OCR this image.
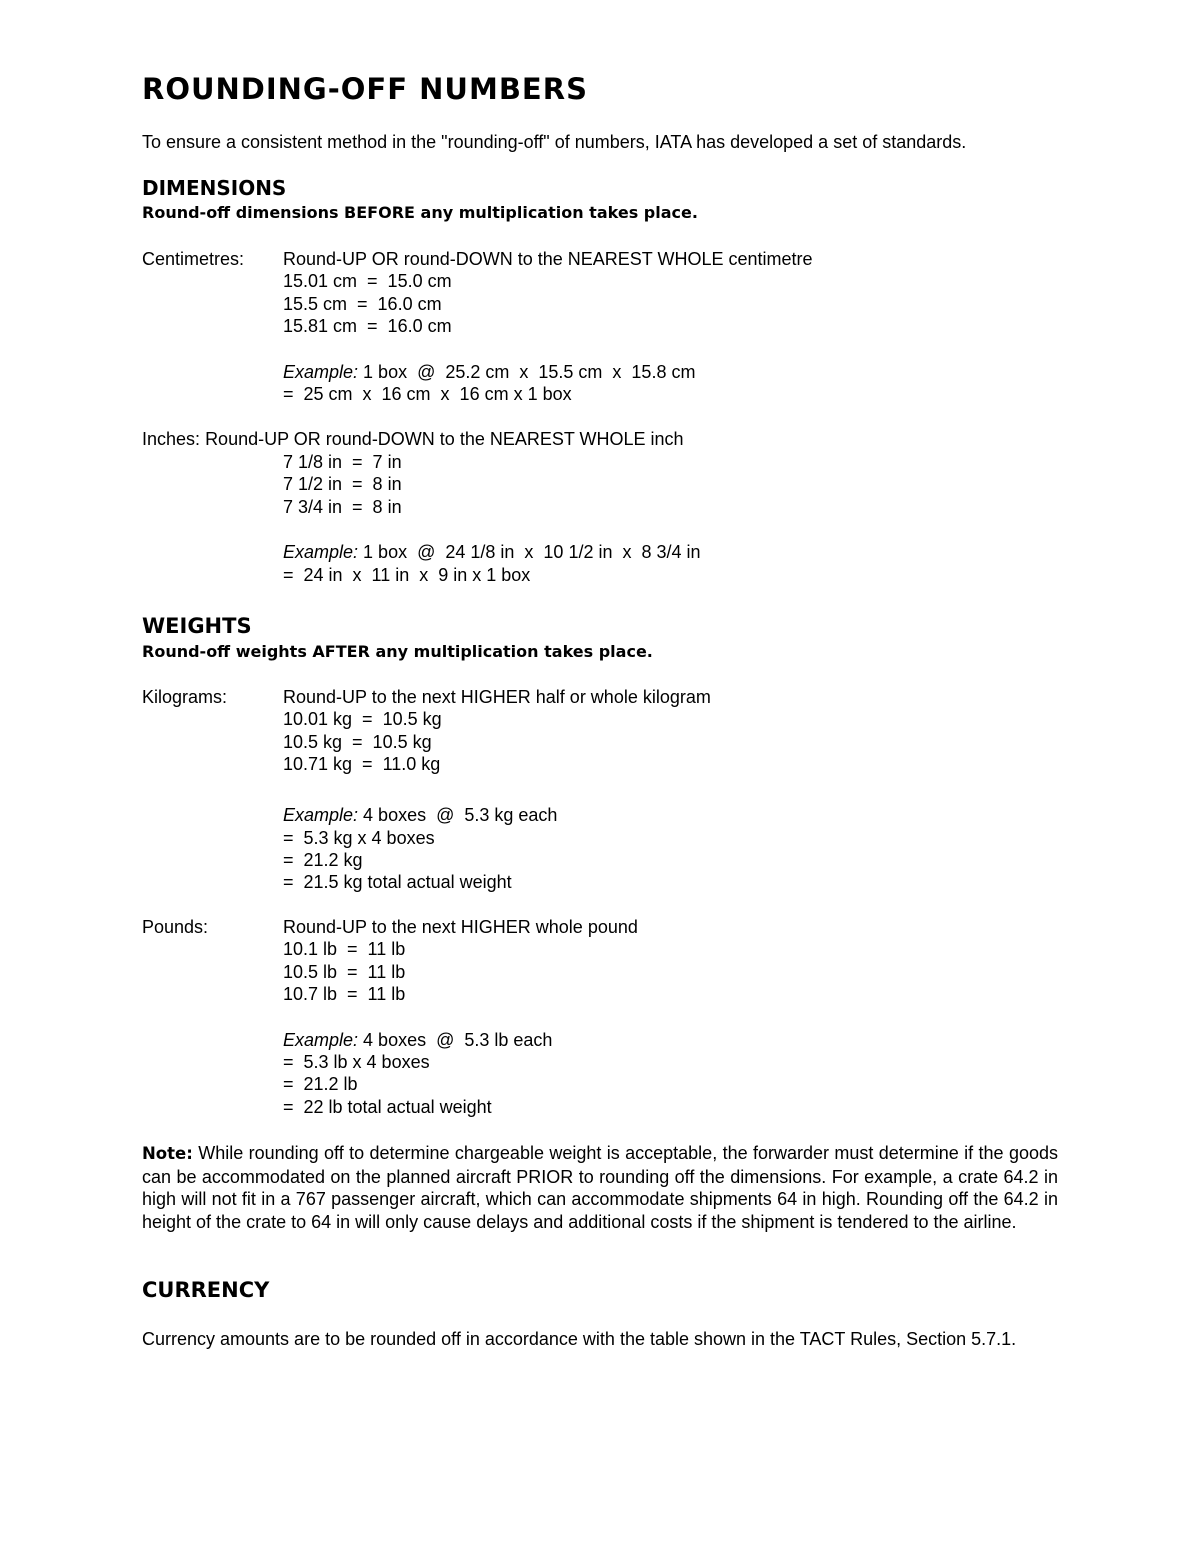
ROUNDING-OFF NUMBERS
To ensure a consistent method in the "rounding-off" of numbers, IATA has developed a set of standards.
DIMENSIONS
Round-off dimensions BEFORE any multiplication takes place.
Centimetres: Round-UP OR round-DOWN to the NEAREST WHOLE centimetre
15.01 cm  =  15.0 cm
15.5 cm  =  16.0 cm
15.81 cm  =  16.0 cm
Example: 1 box  @  25.2 cm  x  15.5 cm  x  15.8 cm
=  25 cm  x  16 cm  x  16 cm x 1 box
Inches: Round-UP OR round-DOWN to the NEAREST WHOLE inch
7 1/8 in  =  7 in
7 1/2 in  =  8 in
7 3/4 in  =  8 in
Example: 1 box  @  24 1/8 in  x  10 1/2 in  x  8 3/4 in
=  24 in  x  11 in  x  9 in x 1 box
WEIGHTS
Round-off weights AFTER any multiplication takes place.
Kilograms:	Round-UP to the next HIGHER half or whole kilogram
10.01 kg  =  10.5 kg
10.5 kg  =  10.5 kg
10.71 kg  =  11.0 kg
Example: 4 boxes  @  5.3 kg each
=  5.3 kg x 4 boxes
=  21.2 kg
=  21.5 kg total actual weight
Pounds:	Round-UP to the next HIGHER whole pound
10.1 lb  =  11 lb
10.5 lb  =  11 lb
10.7 lb  =  11 lb
Example: 4 boxes  @  5.3 lb each
=  5.3 lb x 4 boxes
=  21.2 lb
=  22 lb total actual weight

Note: While rounding off to determine chargeable weight is acceptable, the forwarder must determine if the goods can be accommodated on the planned aircraft PRIOR to rounding off the dimensions. For example, a crate 64.2 in high will not fit in a 767 passenger aircraft, which can accommodate shipments 64 in high. Rounding off the 64.2 in height of the crate to 64 in will only cause delays and additional costs if the shipment is tendered to the airline.

CURRENCY

Currency amounts are to be rounded off in accordance with the table shown in the TACT Rules, Section 5.7.1.
